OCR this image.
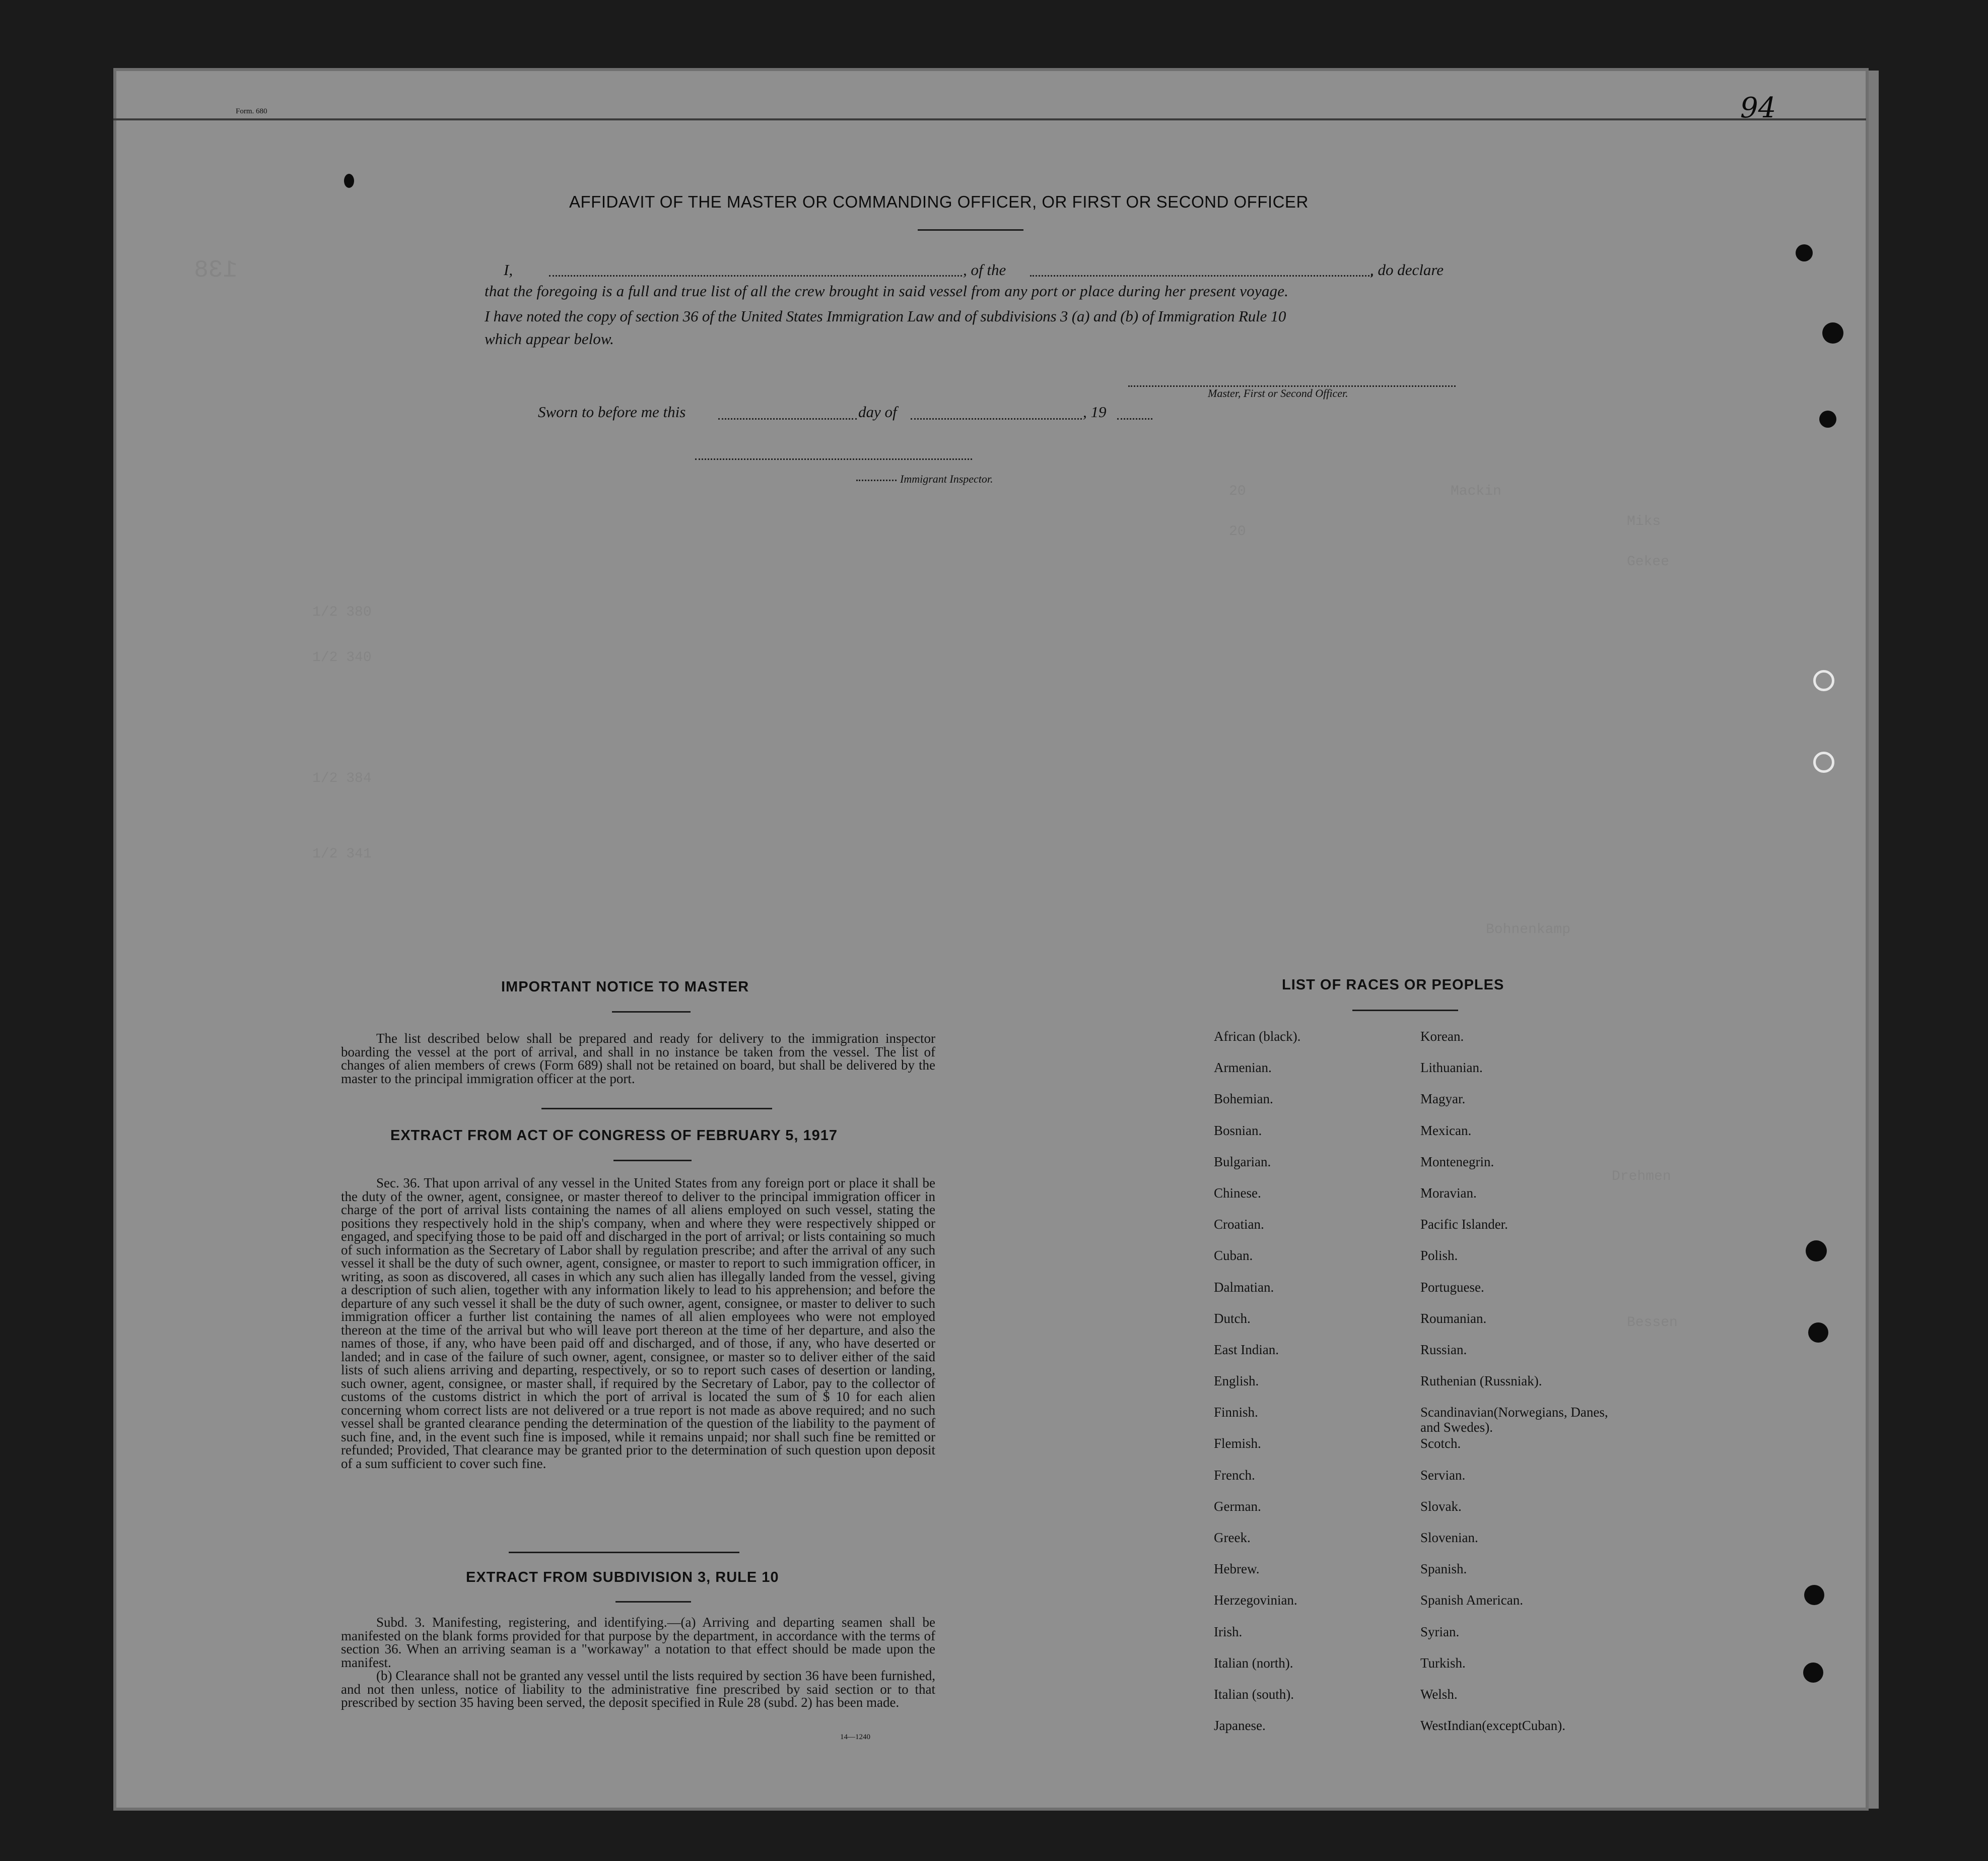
Form. 680	94
138
Mackin
Miks
Gekee
20
20
1/2 380
1/2 340
1/2 384
1/2 341
Bohnenkamp
Drehmen
Bessen
AFFIDAVIT OF THE MASTER OR COMMANDING OFFICER, OR FIRST OR SECOND OFFICER
I,	, of the	, do declare
that the foregoing is a full and true list of all the crew brought in said vessel from any port or place during her present voyage.
I have noted the copy of section 36 of the United States Immigration Law and of subdivisions 3 (a) and (b) of Immigration Rule 10
which appear below.
Master, First or Second Officer.
Sworn to before me this	day of	, 19
Immigrant Inspector.
IMPORTANT NOTICE TO MASTER

The list described below shall be prepared and ready for delivery to the immigration inspector boarding the vessel at the port of arrival, and shall in no instance be taken from the vessel. The list of changes of alien members of crews (Form 689) shall not be retained on board, but shall be delivered by the master to the principal immigration officer at the port.

EXTRACT FROM ACT OF CONGRESS OF FEBRUARY 5, 1917

Sec. 36. That upon arrival of any vessel in the United States from any foreign port or place it shall be the duty of the owner, agent, consignee, or master thereof to deliver to the principal immigration officer in charge of the port of arrival lists containing the names of all aliens employed on such vessel, stating the positions they respectively hold in the ship's company, when and where they were respectively shipped or engaged, and specifying those to be paid off and discharged in the port of arrival; or lists containing so much of such information as the Secretary of Labor shall by regulation prescribe; and after the arrival of any such vessel it shall be the duty of such owner, agent, consignee, or master to report to such immigration officer, in writing, as soon as discovered, all cases in which any such alien has illegally landed from the vessel, giving a description of such alien, together with any information likely to lead to his apprehension; and before the departure of any such vessel it shall be the duty of such owner, agent, consignee, or master to deliver to such immigration officer a further list containing the names of all alien employees who were not employed thereon at the time of the arrival but who will leave port thereon at the time of her departure, and also the names of those, if any, who have been paid off and discharged, and of those, if any, who have deserted or landed; and in case of the failure of such owner, agent, consignee, or master so to deliver either of the said lists of such aliens arriving and departing, respectively, or so to report such cases of desertion or landing, such owner, agent, consignee, or master shall, if required by the Secretary of Labor, pay to the collector of customs of the customs district in which the port of arrival is located the sum of $ 10 for each alien concerning whom correct lists are not delivered or a true report is not made as above required; and no such vessel shall be granted clearance pending the determination of the question of the liability to the payment of such fine, and, in the event such fine is imposed, while it remains unpaid; nor shall such fine be remitted or refunded; Provided, That clearance may be granted prior to the determination of such question upon deposit of a sum sufficient to cover such fine.

EXTRACT FROM SUBDIVISION 3, RULE 10

Subd. 3. Manifesting, registering, and identifying.—(a) Arriving and departing seamen shall be manifested on the blank forms provided for that purpose by the department, in accordance with the terms of section 36. When an arriving seaman is a "workaway" a notation to that effect should be made upon the manifest.

(b) Clearance shall not be granted any vessel until the lists required by section 36 have been furnished, and not then unless, notice of liability to the administrative fine prescribed by said section or to that prescribed by section 35 having been served, the deposit specified in Rule 28 (subd. 2) has been made.

14—1240
LIST OF RACES OR PEOPLES
African (black).
Armenian.
Bohemian.
Bosnian.
Bulgarian.
Chinese.
Croatian.
Cuban.
Dalmatian.
Dutch.
East Indian.
English.
Finnish.
Flemish.
French.
German.
Greek.
Hebrew.
Herzegovinian.
Irish.
Italian (north).
Italian (south).
Japanese.
Korean.
Lithuanian.
Magyar.
Mexican.
Montenegrin.
Moravian.
Pacific Islander.
Polish.
Portuguese.
Roumanian.
Russian.
Ruthenian (Russniak).
Scandinavian(Norwegians, Danes, and Swedes).
Scotch.
Servian.
Slovak.
Slovenian.
Spanish.
Spanish American.
Syrian.
Turkish.
Welsh.
WestIndian(exceptCuban).
